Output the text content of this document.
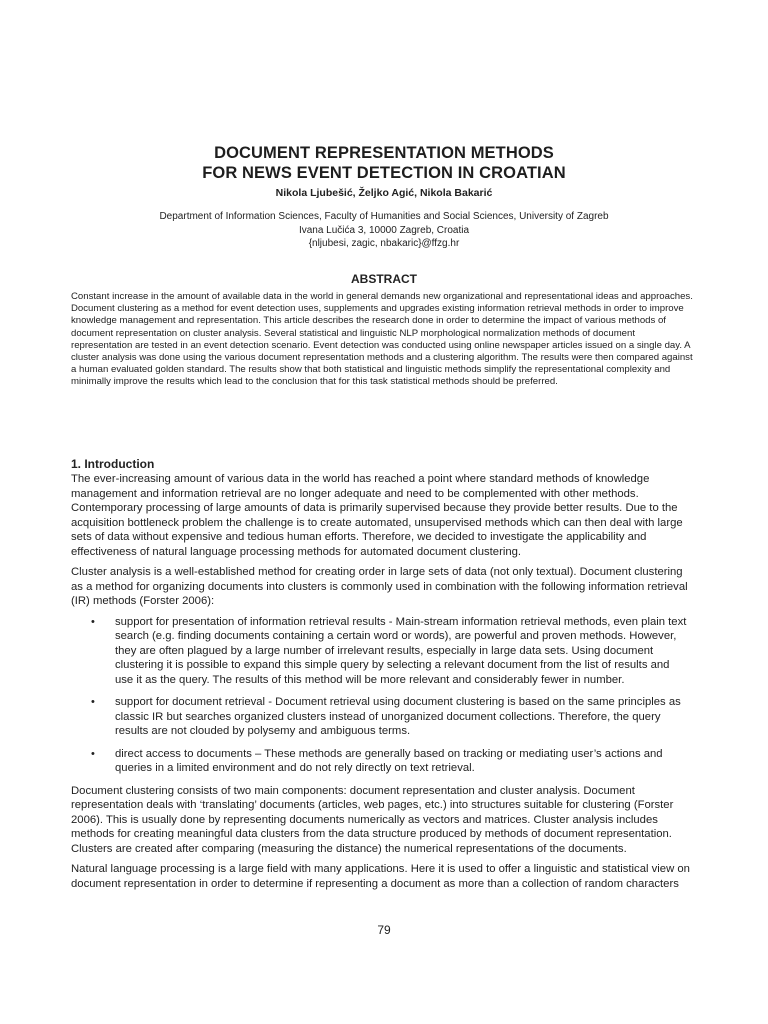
DOCUMENT REPRESENTATION METHODS
FOR NEWS EVENT DETECTION IN CROATIAN
Nikola Ljubešić, Željko Agić, Nikola Bakarić
Department of Information Sciences, Faculty of Humanities and Social Sciences, University of Zagreb
Ivana Lučića 3, 10000 Zagreb, Croatia
{nljubesi, zagic, nbakaric}@ffzg.hr
ABSTRACT
Constant increase in the amount of available data in the world in general demands new organizational and representational ideas and approaches. Document clustering as a method for event detection uses, supplements and upgrades existing information retrieval methods in order to improve knowledge management and representation. This article describes the research done in order to determine the impact of various methods of document representation on cluster analysis. Several statistical and linguistic NLP morphological normalization methods of document representation are tested in an event detection scenario. Event detection was conducted using online newspaper articles issued on a single day. A cluster analysis was done using the various document representation methods and a clustering algorithm. The results were then compared against a human evaluated golden standard. The results show that both statistical and linguistic methods simplify the representational complexity and minimally improve the results which lead to the conclusion that for this task statistical methods should be preferred.
1. Introduction

The ever-increasing amount of various data in the world has reached a point where standard methods of knowledge management and information retrieval are no longer adequate and need to be complemented with other methods. Contemporary processing of large amounts of data is primarily supervised because they provide better results. Due to the acquisition bottleneck problem the challenge is to create automated, unsupervised methods which can then deal with large sets of data without expensive and tedious human efforts. Therefore, we decided to investigate the applicability and effectiveness of natural language processing methods for automated document clustering.

Cluster analysis is a well-established method for creating order in large sets of data (not only textual). Document clustering as a method for organizing documents into clusters is commonly used in combination with the following information retrieval (IR) methods (Forster 2006):

• support for presentation of information retrieval results - Main-stream information retrieval methods, even plain text search (e.g. finding documents containing a certain word or words), are powerful and proven methods. However, they are often plagued by a large number of irrelevant results, especially in large data sets. Using document clustering it is possible to expand this simple query by selecting a relevant document from the list of results and use it as the query. The results of this method will be more relevant and considerably fewer in number.
• support for document retrieval - Document retrieval using document clustering is based on the same principles as classic IR but searches organized clusters instead of unorganized document collections. Therefore, the query results are not clouded by polysemy and ambiguous terms.
• direct access to documents – These methods are generally based on tracking or mediating user’s actions and queries in a limited environment and do not rely directly on text retrieval.

Document clustering consists of two main components: document representation and cluster analysis. Document representation deals with ‘translating’ documents (articles, web pages, etc.) into structures suitable for clustering (Forster 2006). This is usually done by representing documents numerically as vectors and matrices. Cluster analysis includes methods for creating meaningful data clusters from the data structure produced by methods of document representation. Clusters are created after comparing (measuring the distance) the numerical representations of the documents.

Natural language processing is a large field with many applications. Here it is used to offer a linguistic and statistical view on document representation in order to determine if representing a document as more than a collection of random characters

79
